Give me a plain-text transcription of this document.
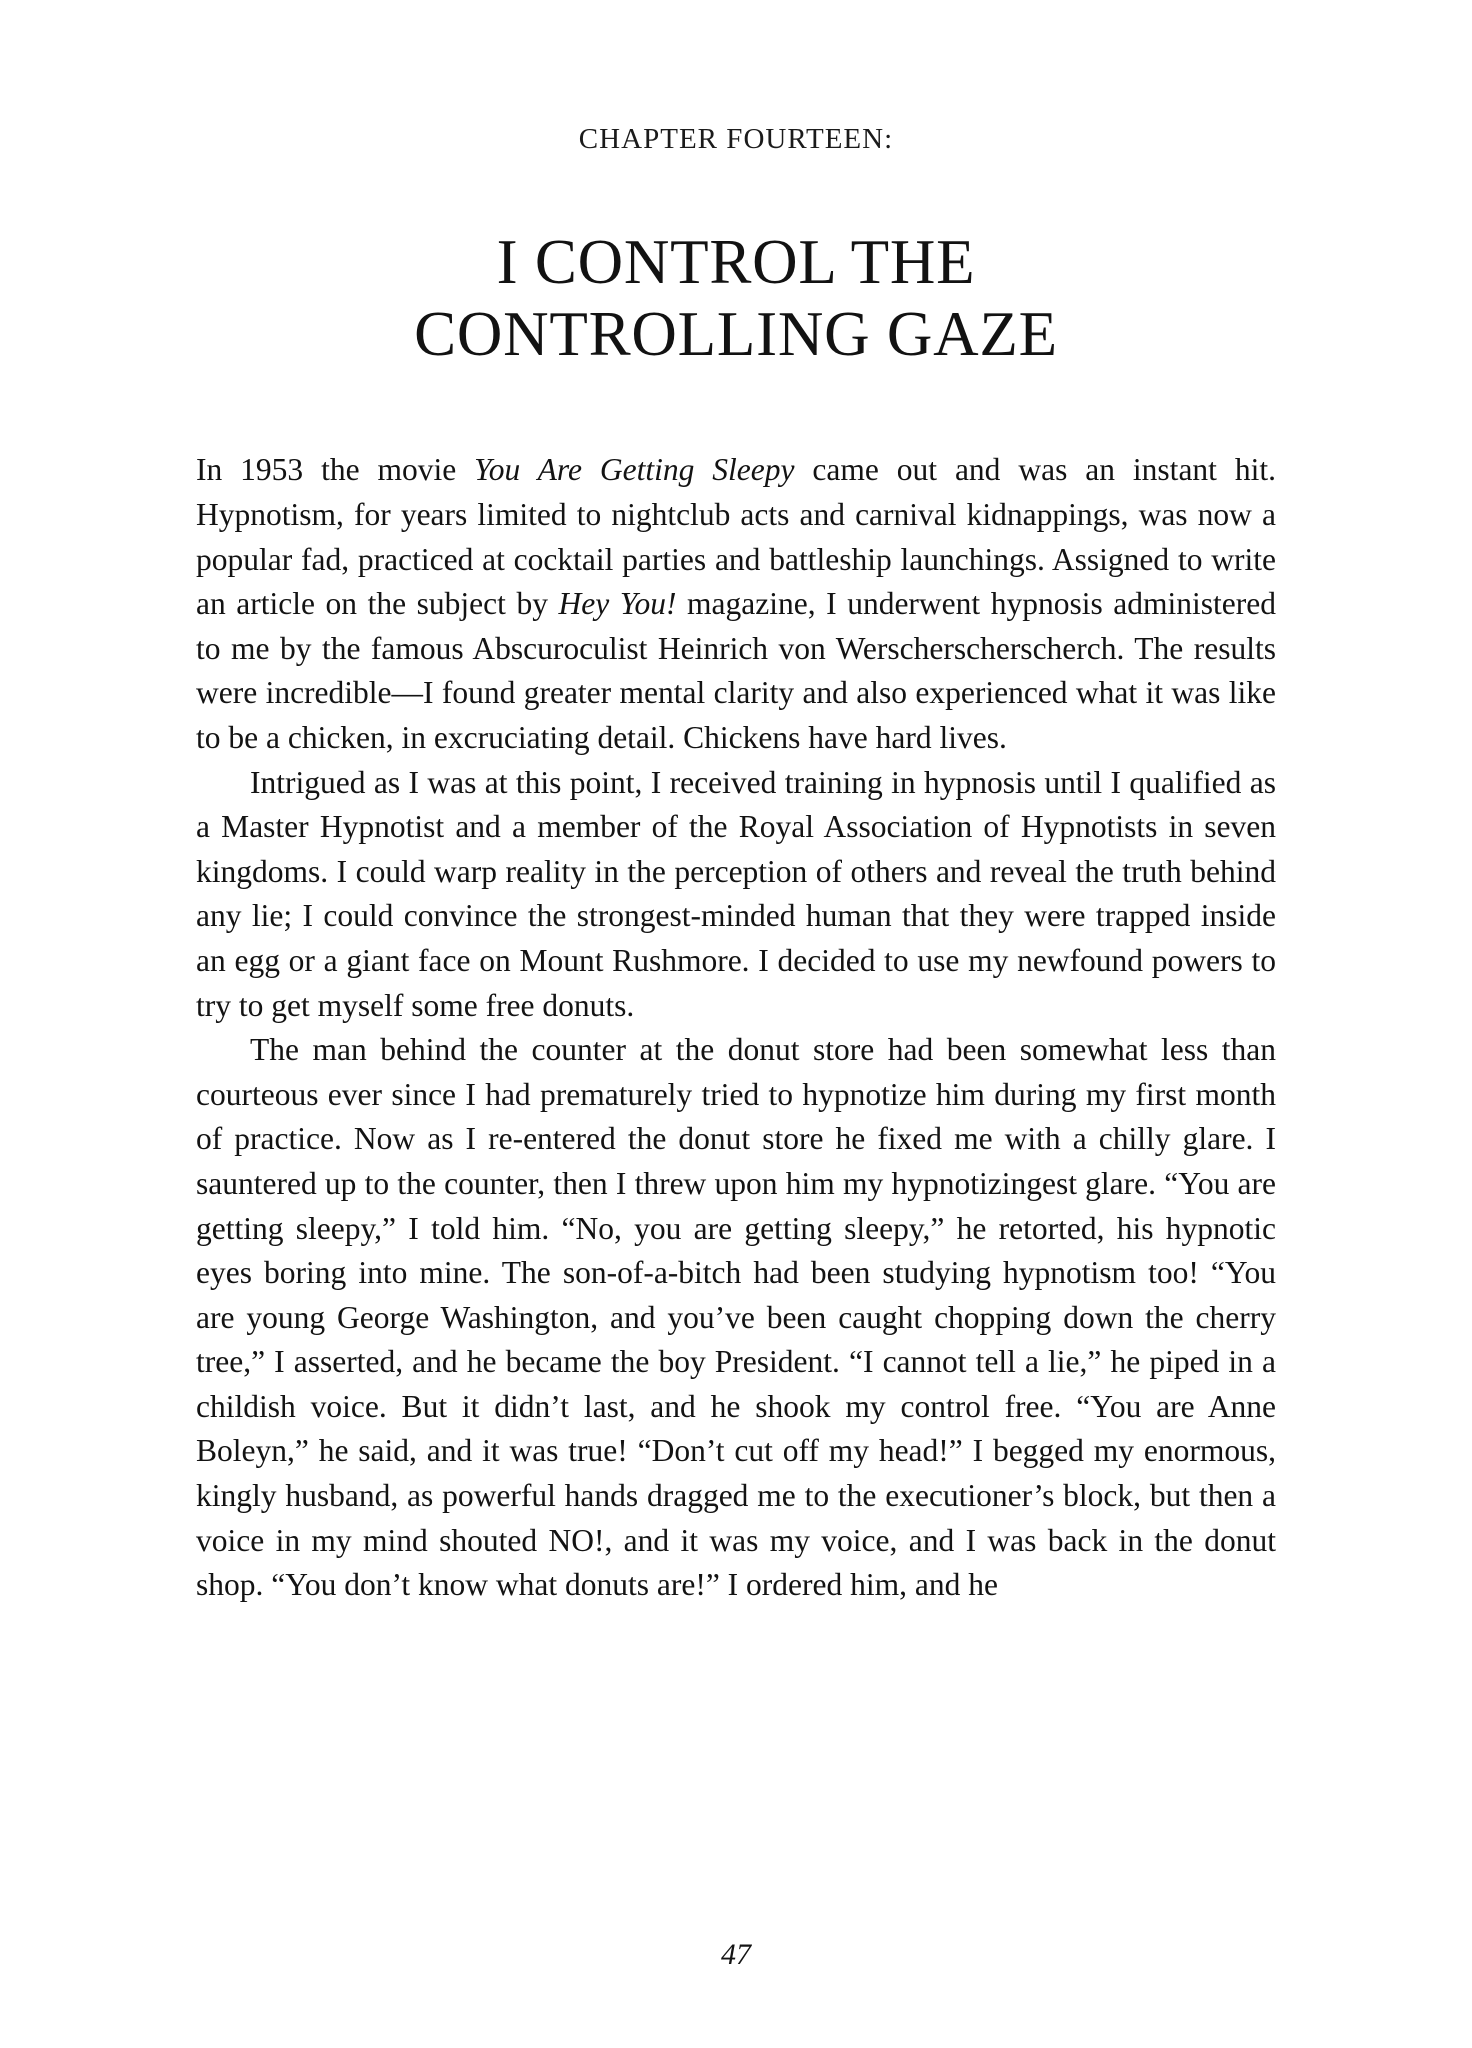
CHAPTER FOURTEEN:
I CONTROL THE
CONTROLLING GAZE

In 1953 the movie You Are Getting Sleepy came out and was an instant hit. Hypnotism, for years limited to nightclub acts and carnival kidnappings, was now a popular fad, practiced at cocktail parties and battleship launchings. Assigned to write an article on the subject by Hey You! magazine, I underwent hypnosis administered to me by the famous Abscuroculist Heinrich von Werscherscherscherch. The results were incredible—I found greater mental clarity and also experienced what it was like to be a chicken, in excruciating detail. Chickens have hard lives.

Intrigued as I was at this point, I received training in hypnosis until I qualified as a Master Hypnotist and a member of the Royal Association of Hypnotists in seven kingdoms. I could warp reality in the perception of others and reveal the truth behind any lie; I could convince the strongest-minded human that they were trapped inside an egg or a giant face on Mount Rushmore. I decided to use my newfound powers to try to get myself some free donuts.

The man behind the counter at the donut store had been somewhat less than courteous ever since I had prematurely tried to hypnotize him during my first month of practice. Now as I re-entered the donut store he fixed me with a chilly glare. I sauntered up to the counter, then I threw upon him my hypnotizingest glare. “You are getting sleepy,” I told him. “No, you are getting sleepy,” he retorted, his hypnotic eyes boring into mine. The son-of-a-bitch had been studying hypnotism too! “You are young George Washington, and you’ve been caught chopping down the cherry tree,” I asserted, and he became the boy President. “I cannot tell a lie,” he piped in a childish voice. But it didn’t last, and he shook my control free. “You are Anne Boleyn,” he said, and it was true! “Don’t cut off my head!” I begged my enormous, kingly husband, as powerful hands dragged me to the executioner’s block, but then a voice in my mind shouted NO!, and it was my voice, and I was back in the donut shop. “You don’t know what donuts are!” I ordered him, and he

47
